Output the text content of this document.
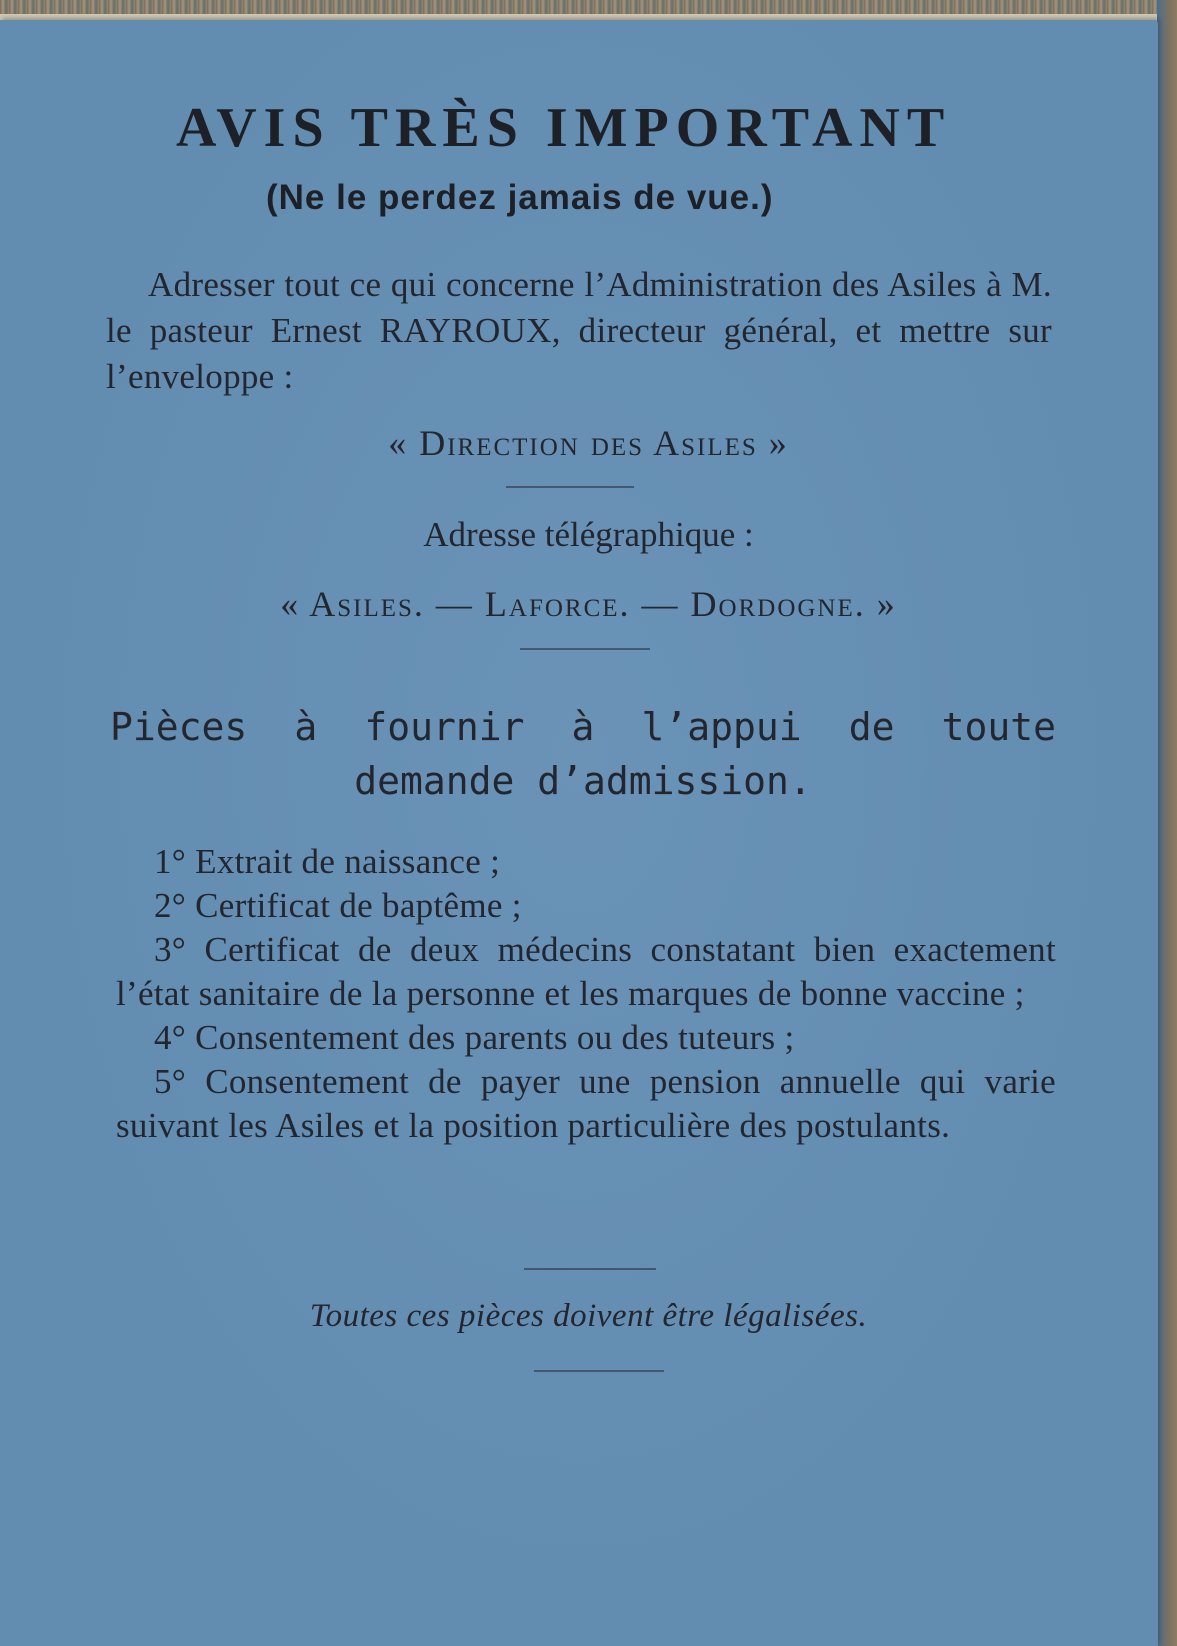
AVIS TRÈS IMPORTANT
(Ne le perdez jamais de vue.)

Adresser tout ce qui concerne l’Administration des Asiles à M. le pasteur Ernest RAYROUX, directeur général, et mettre sur l’enveloppe :

« Direction des Asiles »
Adresse télégraphique :
« Asiles. — Laforce. — Dordogne. »
Pièces à fournir à l’appui de toute
demande d’admission.

1° Extrait de naissance ;

2° Certificat de baptême ;

3° Certificat de deux médecins constatant bien exactement l’état sanitaire de la personne et les marques de bonne vaccine ;

4° Consentement des parents ou des tuteurs ;

5° Consentement de payer une pension annuelle qui varie suivant les Asiles et la position particulière des postulants.

Toutes ces pièces doivent être légalisées.
